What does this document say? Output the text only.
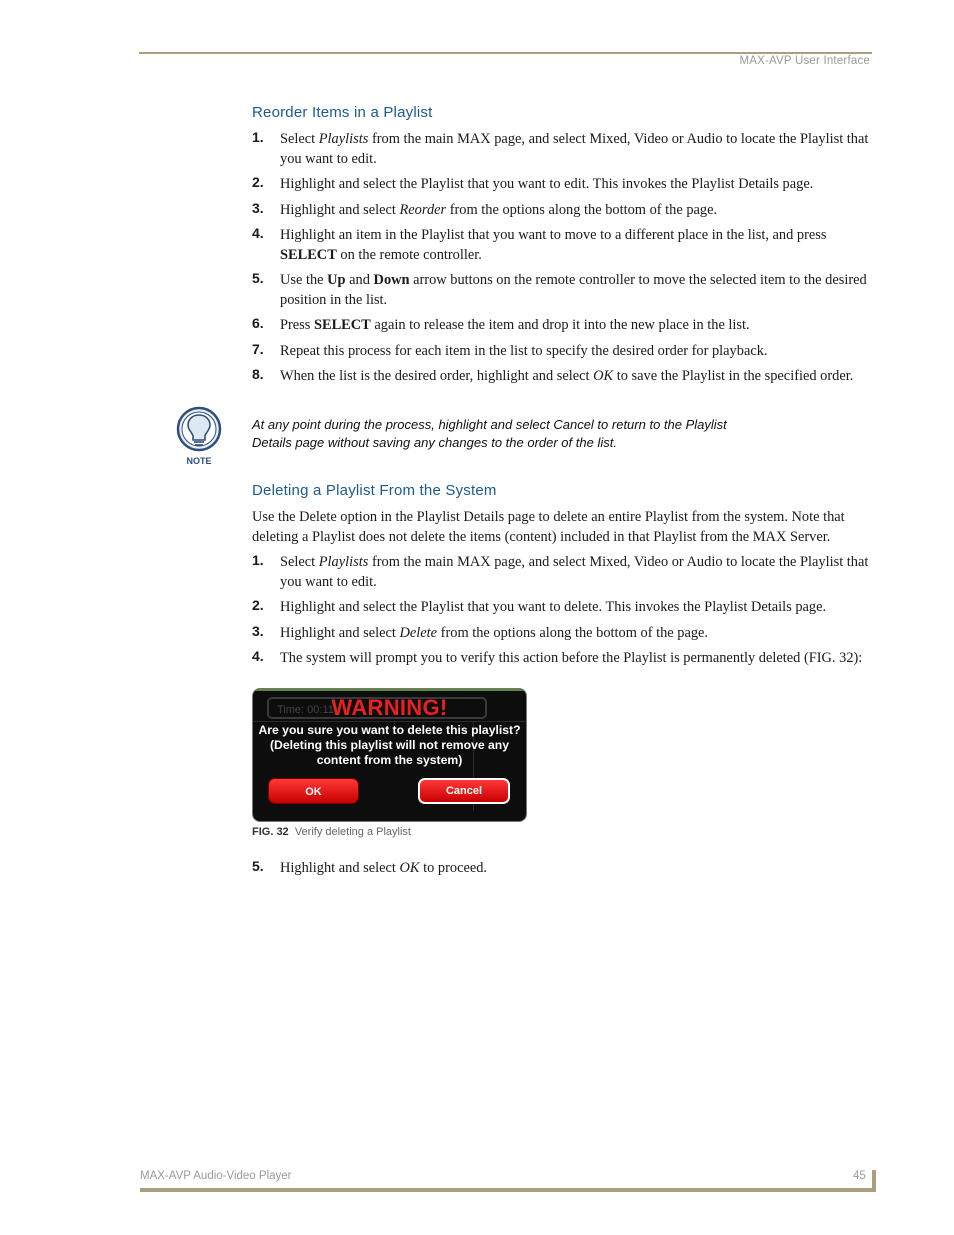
MAX-AVP User Interface
Reorder Items in a Playlist
1. Select Playlists from the main MAX page, and select Mixed, Video or Audio to locate the Playlist that you want to edit.
2. Highlight and select the Playlist that you want to edit. This invokes the Playlist Details page.
3. Highlight and select Reorder from the options along the bottom of the page.
4. Highlight an item in the Playlist that you want to move to a different place in the list, and press SELECT on the remote controller.
5. Use the Up and Down arrow buttons on the remote controller to move the selected item to the desired position in the list.
6. Press SELECT again to release the item and drop it into the new place in the list.
7. Repeat this process for each item in the list to specify the desired order for playback.
8. When the list is the desired order, highlight and select OK to save the Playlist in the specified order.
NOTE
At any point during the process, highlight and select Cancel to return to the Playlist
Details page without saving any changes to the order of the list.
Deleting a Playlist From the System

Use the Delete option in the Playlist Details page to delete an entire Playlist from the system. Note that deleting a Playlist does not delete the items (content) included in that Playlist from the MAX Server.

1. Select Playlists from the main MAX page, and select Mixed, Video or Audio to locate the Playlist that you want to edit.
2. Highlight and select the Playlist that you want to delete. This invokes the Playlist Details page.
3. Highlight and select Delete from the options along the bottom of the page.
4. The system will prompt you to verify this action before the Playlist is permanently deleted (FIG. 32):
Time: 00:11
WARNING!
Are you sure you want to delete this playlist?
(Deleting this playlist will not remove any
content from the system)
OK	Cancel
FIG. 32 Verify deleting a Playlist
5. Highlight and select OK to proceed.
MAX-AVP Audio-Video Player	45
